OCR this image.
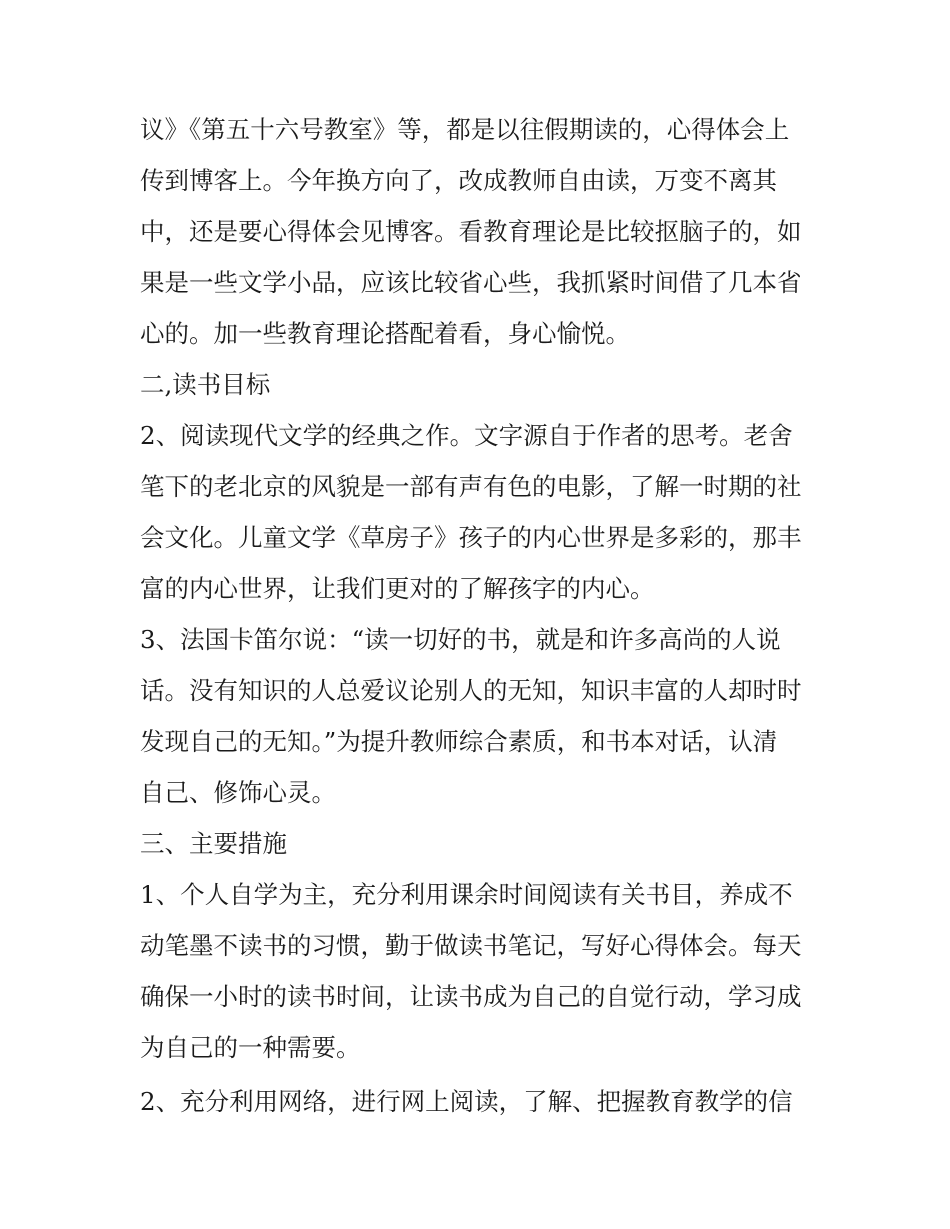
议》《第五十六号教室》等，都是以往假期读的，心得体会上
传到博客上。今年换方向了，改成教师自由读，万变不离其
中，还是要心得体会见博客。看教育理论是比较抠脑子的，如
果是一些文学小品，应该比较省心些，我抓紧时间借了几本省
心的。加一些教育理论搭配着看，身心愉悦。
二,读书目标
2、阅读现代文学的经典之作。文字源自于作者的思考。老舍
笔下的老北京的风貌是一部有声有色的电影，了解一时期的社
会文化。儿童文学《草房子》孩子的内心世界是多彩的，那丰
富的内心世界，让我们更对的了解孩字的内心。
3、法国卡笛尔说：“读一切好的书，就是和许多高尚的人说
话。没有知识的人总爱议论别人的无知，知识丰富的人却时时
发现自己的无知。”为提升教师综合素质，和书本对话，认清
自己、修饰心灵。
三、主要措施
1、个人自学为主，充分利用课余时间阅读有关书目，养成不
动笔墨不读书的习惯，勤于做读书笔记，写好心得体会。每天
确保一小时的读书时间，让读书成为自己的自觉行动，学习成
为自己的一种需要。
2、充分利用网络，进行网上阅读，了解、把握教育教学的信
